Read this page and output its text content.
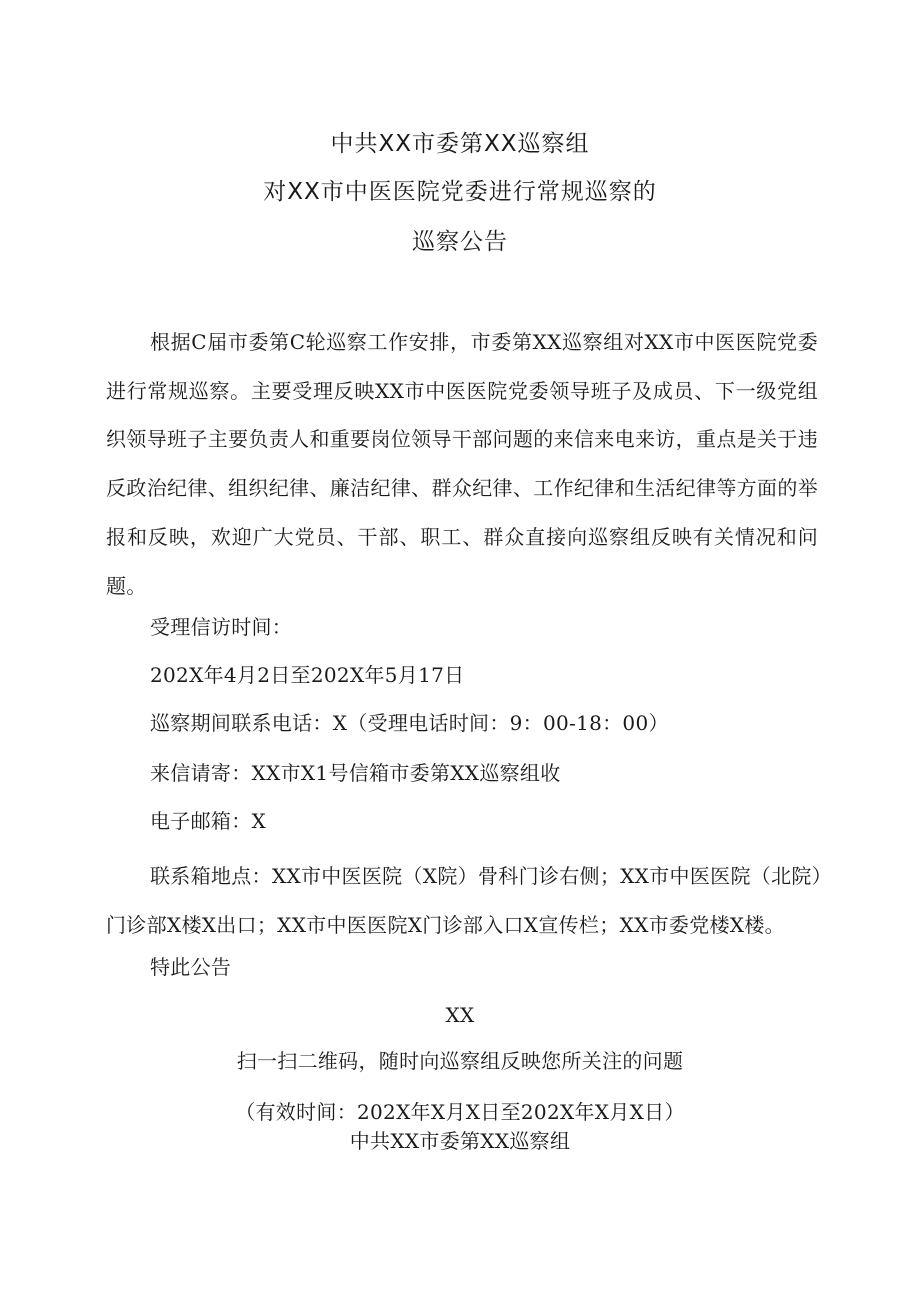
中共XX市委第XX巡察组
对XX市中医医院党委进行常规巡察的
巡察公告

根据C届市委第C轮巡察工作安排，市委第XX巡察组对XX市中医医院党委进行常规巡察。主要受理反映XX市中医医院党委领导班子及成员、下一级党组织领导班子主要负责人和重要岗位领导干部问题的来信来电来访，重点是关于违反政治纪律、组织纪律、廉洁纪律、群众纪律、工作纪律和生活纪律等方面的举报和反映，欢迎广大党员、干部、职工、群众直接向巡察组反映有关情况和问题。

受理信访时间：
202X年4月2日至202X年5月17日
巡察期间联系电话：X（受理电话时间：9：00-18：00）
来信请寄：XX市X1号信箱市委第XX巡察组收
电子邮箱：X

联系箱地点：XX市中医医院（X院）骨科门诊右侧；XX市中医医院（北院）门诊部X楼X出口；XX市中医医院X门诊部入口X宣传栏；XX市委党楼X楼。

特此公告
XX
扫一扫二维码，随时向巡察组反映您所关注的问题
（有效时间：202X年X月X日至202X年X月X日）
中共XX市委第XX巡察组
